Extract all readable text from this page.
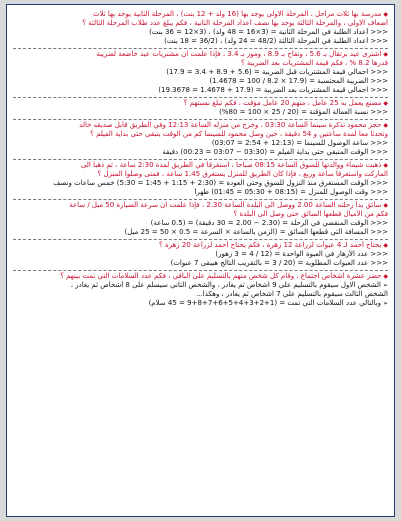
◆ مدرسة بها ثلاث مراحل ، المرحلة الاولى يوجد بها (16 ولد + 12 بنت) ، المرحلة الثانية يوجد بها ثلاث
أضعاف الاولى ، والمرحلة الثالثة يوجد بها نصف أعداد المرحلة الثانية ، فكم يبلغ عدد طلاب المرحلة الثالثة ؟
<<< أعداد الطلبة في المرحلة الثانية = (3×16 = 48 ولد) ، (3×12 = 36 بنت)
<<< أعداد الطلبة في المرحلة الثالثة (48/2 = 24 ولد) ، (36/2 = 18 بنت)
◆ اشترى عيد برتقال بـ 5.6 ، وتفاح بـ 8.9 ، وموز بـ 3.4 ، فإذا علمت ان مشتريات عيد خاضعة لضريبة
قدرها 8.2 % ، فكم قيمة المشتريات بعد الضريبة ؟
<<< اجمالي قيمة المشتريات قبل الضريبة = (5.6 + 8.9 + 3.4 = 17.9)
<<< الضريبة المحتسبة = (17.9 × 8.2 / 100 = 1.4678)
<<< اجمالي قيمة المشتريات بعد الضريبة = (17.9 + 1.4678 = 19.3678)
◆ مصنع يعمل به 25 عامل ، منهم 20 عامل مؤقت ، فكم تبلغ نسبتهم ؟
<<< نسبة العمالة المؤقتة = (20 / 25 × 100 = 80%)
◆ حجز محمود تذكرة سينما الساعة 03:30 ، وخرج من منزله الساعة 12:13 وفي الطريق قابل صديقه خالد
وتحدثا معا لمدة ساعتين و 54 دقيقة ، حين وصل محمود للسينما كم من الوقت يتبقى حتى بداية الفيلم ؟
<<< ساعة الوصول للسينما = (12:13 + 2:54 = 03:07)
<<< الوقت المتبقي حتى بداية الفيلم = (03:30 − 03:07 = 00:23) دقيقة
◆ ذهبت شيماء ووالدتها للسوق الساعة 08:15 صباحا ، استغرقا في الطريق لمدة 2:30 ساعة ، ثم ذهبا الى
الماركت واستغرقا ساعة وربع ، فإذا كان الطريق للمنزل يستغرق 1.45 ساعة ، فمتى وصلوا المنزل ؟
<<< الوقت المستغرق منذ النزول للسوق وحتى العودة = (2:30 + 1:15 + 1:45 = 5:30) خمس ساعات ونصف
<<< وقت الوصول للمنزل = (08:15 + 05:30 = 01:45) ظهراً
◆ سائق بدأ رحلته الساعة 2.00 ووصل الى البلدة الساعة 2.30 ، فإذا علمت ان سرعة السيارة 50 ميل / ساعة
فكم من الأميال قطعها السائق حتى وصل الى البلدة ؟
<<< الوقت المنقضي في الرحلة = (2.30 − 2.00 = 30 دقيقة) = (0.5 ساعة)
<<< المسافة التي قطعها السائق = (الزمن بالساعة × السرعة = 0.5 × 50 = 25 ميل)
◆ يحتاج أحمد لـ 4 عبوات لزراعة 12 زهرة ، فكم يحتاج أحمد لزراعة 20 زهرة ؟
<<< عدد الأزهار في العبوة الواحدة = (12 / 4 = 3 زهور)
<<< عدد العبوات المطلوبة = (20 / 3 = بالتقريب التالج هيبقى 7 عبوات)
◆ حضر عشرة اشخاص اجتماع ، وقام كل شخص منهم بالتسليم على الباقي ، فكم عدد السلامات التي تمت بينهم ؟
➢ الشخص الاول سيقوم بالتسليم على 9 اشخاص ثم يغادر ، والشخص الثاني سيسلم على 8 أشخاص ثم يغادر ،
الشخص الثالث سيقوم بالتسليم على 7 اشخاص ثم يغادر ، وهكذا...
➢ وبالتالي عدد السلامات التي تمت = (1+2+3+4+5+6+7+8+9 = 45 سلام)
